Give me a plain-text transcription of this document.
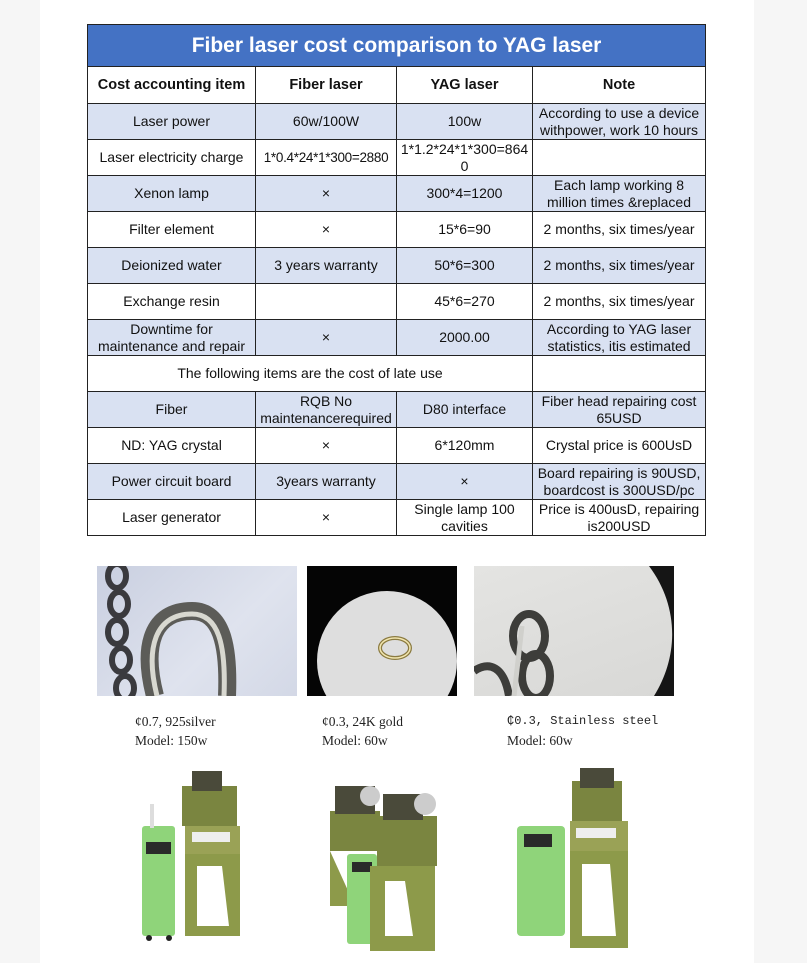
Fiber laser cost comparison to YAG laser			
Cost accounting item	Fiber laser	YAG laser	Note
Laser power	60w/100W	100w	According to use a device withpower, work 10 hours
Laser electricity charge	1*0.4*24*1*300=2880	1*1.2*24*1*300=8640	
Xenon lamp	×	300*4=1200	Each lamp working 8 million times &replaced
Filter element	×	15*6=90	2 months, six times/year
Deionized water	3 years warranty	50*6=300	2 months, six times/year
Exchange resin		45*6=270	2 months, six times/year
Downtime for maintenance and repair	×	2000.00	According to YAG laser statistics, itis estimated
The following items are the cost of late use			
Fiber	RQB No maintenancerequired	D80 interface	Fiber head repairing cost 65USD
ND: YAG crystal	×	6*120mm	Crystal price is 600UsD
Power circuit board	3years warranty	×	Board repairing is 90USD, boardcost is 300USD/pc
Laser generator	×	Single lamp 100 cavities	Price is 400usD, repairing is200USD
¢0.7, 925silver
Model: 150w
¢0.3, 24K gold
Model: 60w
₵0.3, Stainless steel
Model: 60w
